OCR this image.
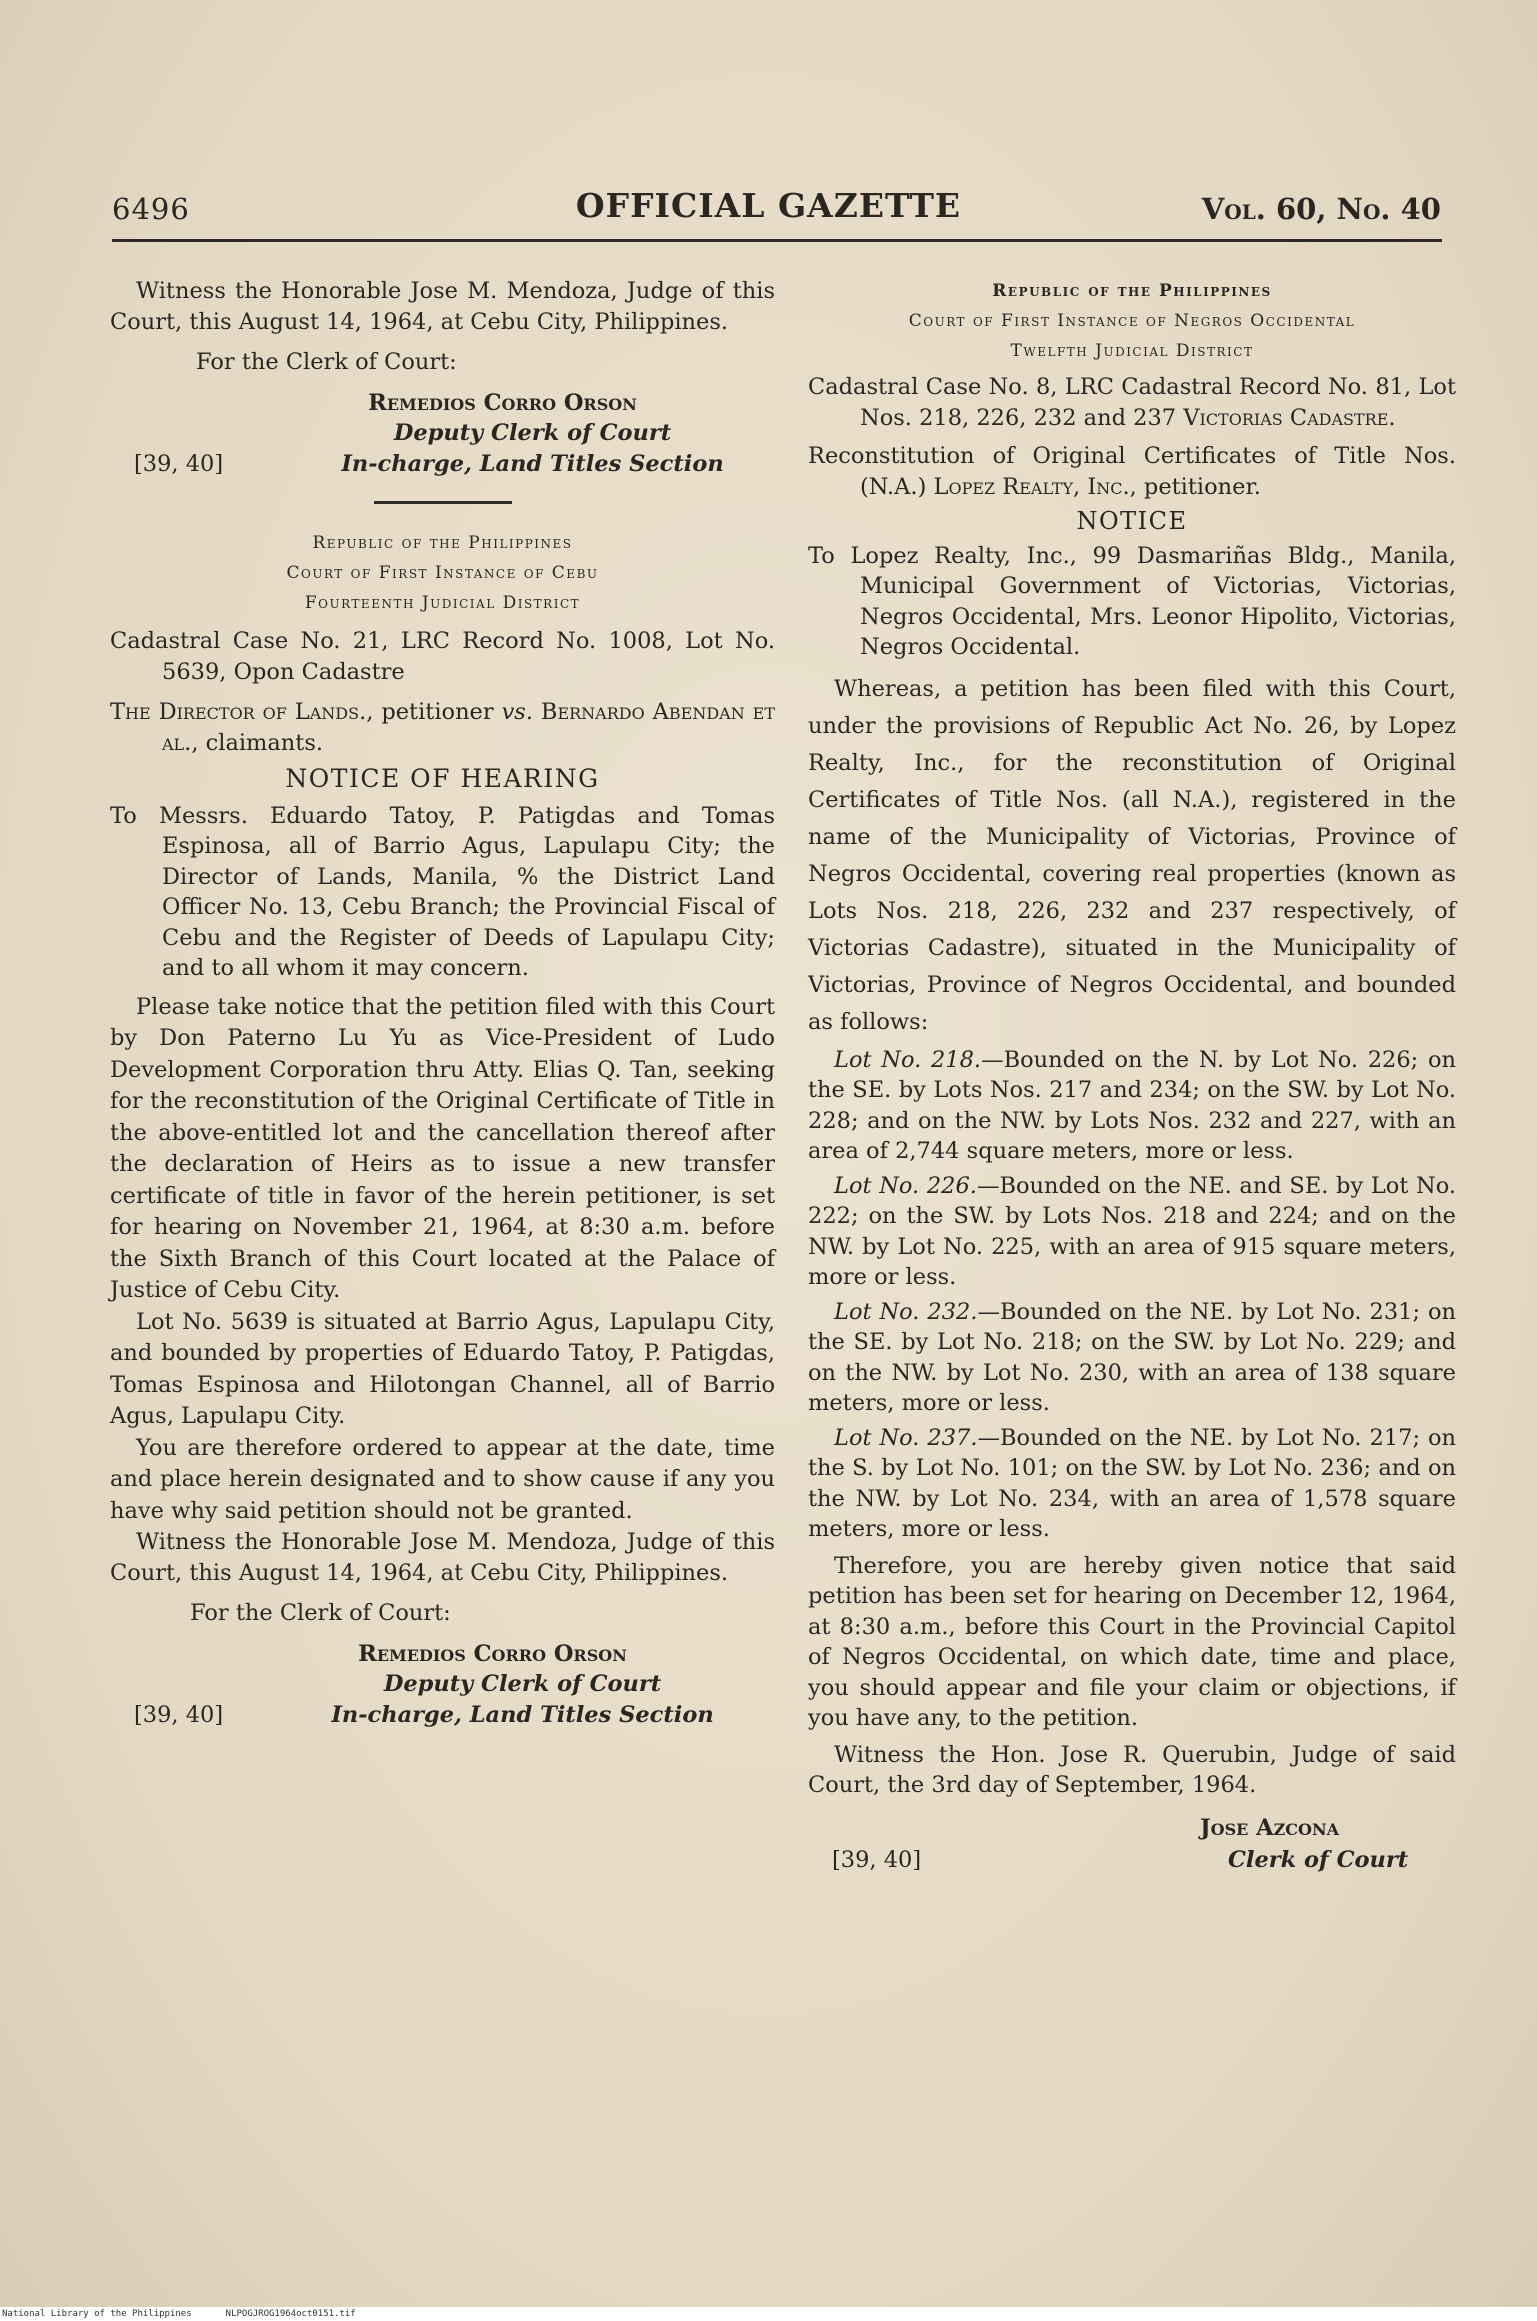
6496	OFFICIAL GAZETTE	Vol. 60, No. 40

Witness the Honorable Jose M. Mendoza, Judge of this Court, this August 14, 1964, at Cebu City, Philippines.

For the Clerk of Court:

Remedios Corro Orson
Deputy Clerk of Court
In-charge, Land Titles Section
[39, 40]
Republic of the Philippines
Court of First Instance of Cebu
Fourteenth Judicial District

Cadastral Case No. 21, LRC Record No. 1008, Lot No. 5639, Opon Cadastre

The Director of Lands., petitioner vs. Bernardo Abendan et al., claimants.

NOTICE OF HEARING

To Messrs. Eduardo Tatoy, P. Patigdas and Tomas Espinosa, all of Barrio Agus, Lapulapu City; the Director of Lands, Manila, % the District Land Officer No. 13, Cebu Branch; the Provincial Fiscal of Cebu and the Register of Deeds of Lapulapu City; and to all whom it may concern.

Please take notice that the petition filed with this Court by Don Paterno Lu Yu as Vice-President of Ludo Development Corporation thru Atty. Elias Q. Tan, seeking for the reconstitution of the Original Certificate of Title in the above-entitled lot and the cancellation thereof after the declaration of Heirs as to issue a new transfer certificate of title in favor of the herein petitioner, is set for hearing on November 21, 1964, at 8:30 a.m. before the Sixth Branch of this Court located at the Palace of Justice of Cebu City.

Lot No. 5639 is situated at Barrio Agus, Lapulapu City, and bounded by properties of Eduardo Tatoy, P. Patigdas, Tomas Espinosa and Hilotongan Channel, all of Barrio Agus, Lapulapu City.

You are therefore ordered to appear at the date, time and place herein designated and to show cause if any you have why said petition should not be granted.

Witness the Honorable Jose M. Mendoza, Judge of this Court, this August 14, 1964, at Cebu City, Philippines.

For the Clerk of Court:

Remedios Corro Orson
Deputy Clerk of Court
In-charge, Land Titles Section
[39, 40]
Republic of the Philippines
Court of First Instance of Negros Occidental
Twelfth Judicial District

Cadastral Case No. 8, LRC Cadastral Record No. 81, Lot Nos. 218, 226, 232 and 237 Victorias Cadastre.

Reconstitution of Original Certificates of Title Nos. (N.A.) Lopez Realty, Inc., petitioner.

NOTICE

To Lopez Realty, Inc., 99 Dasmariñas Bldg., Manila, Municipal Government of Victorias, Victorias, Negros Occidental, Mrs. Leonor Hipolito, Victorias, Negros Occidental.

Whereas, a petition has been filed with this Court, under the provisions of Republic Act No. 26, by Lopez Realty, Inc., for the reconstitution of Original Certificates of Title Nos. (all N.A.), registered in the name of the Municipality of Victorias, Province of Negros Occidental, covering real properties (known as Lots Nos. 218, 226, 232 and 237 respectively, of Victorias Cadastre), situated in the Municipality of Victorias, Province of Negros Occidental, and bounded as follows:

Lot No. 218.—Bounded on the N. by Lot No. 226; on the SE. by Lots Nos. 217 and 234; on the SW. by Lot No. 228; and on the NW. by Lots Nos. 232 and 227, with an area of 2,744 square meters, more or less.

Lot No. 226.—Bounded on the NE. and SE. by Lot No. 222; on the SW. by Lots Nos. 218 and 224; and on the NW. by Lot No. 225, with an area of 915 square meters, more or less.

Lot No. 232.—Bounded on the NE. by Lot No. 231; on the SE. by Lot No. 218; on the SW. by Lot No. 229; and on the NW. by Lot No. 230, with an area of 138 square meters, more or less.

Lot No. 237.—Bounded on the NE. by Lot No. 217; on the S. by Lot No. 101; on the SW. by Lot No. 236; and on the NW. by Lot No. 234, with an area of 1,578 square meters, more or less.

Therefore, you are hereby given notice that said petition has been set for hearing on December 12, 1964, at 8:30 a.m., before this Court in the Provincial Capitol of Negros Occidental, on which date, time and place, you should appear and file your claim or objections, if you have any, to the petition.

Witness the Hon. Jose R. Querubin, Judge of said Court, the 3rd day of September, 1964.

Jose Azcona
Clerk of Court
[39, 40]
National Library of the Philippines	NLPOGJROG1964oct0151.tif
